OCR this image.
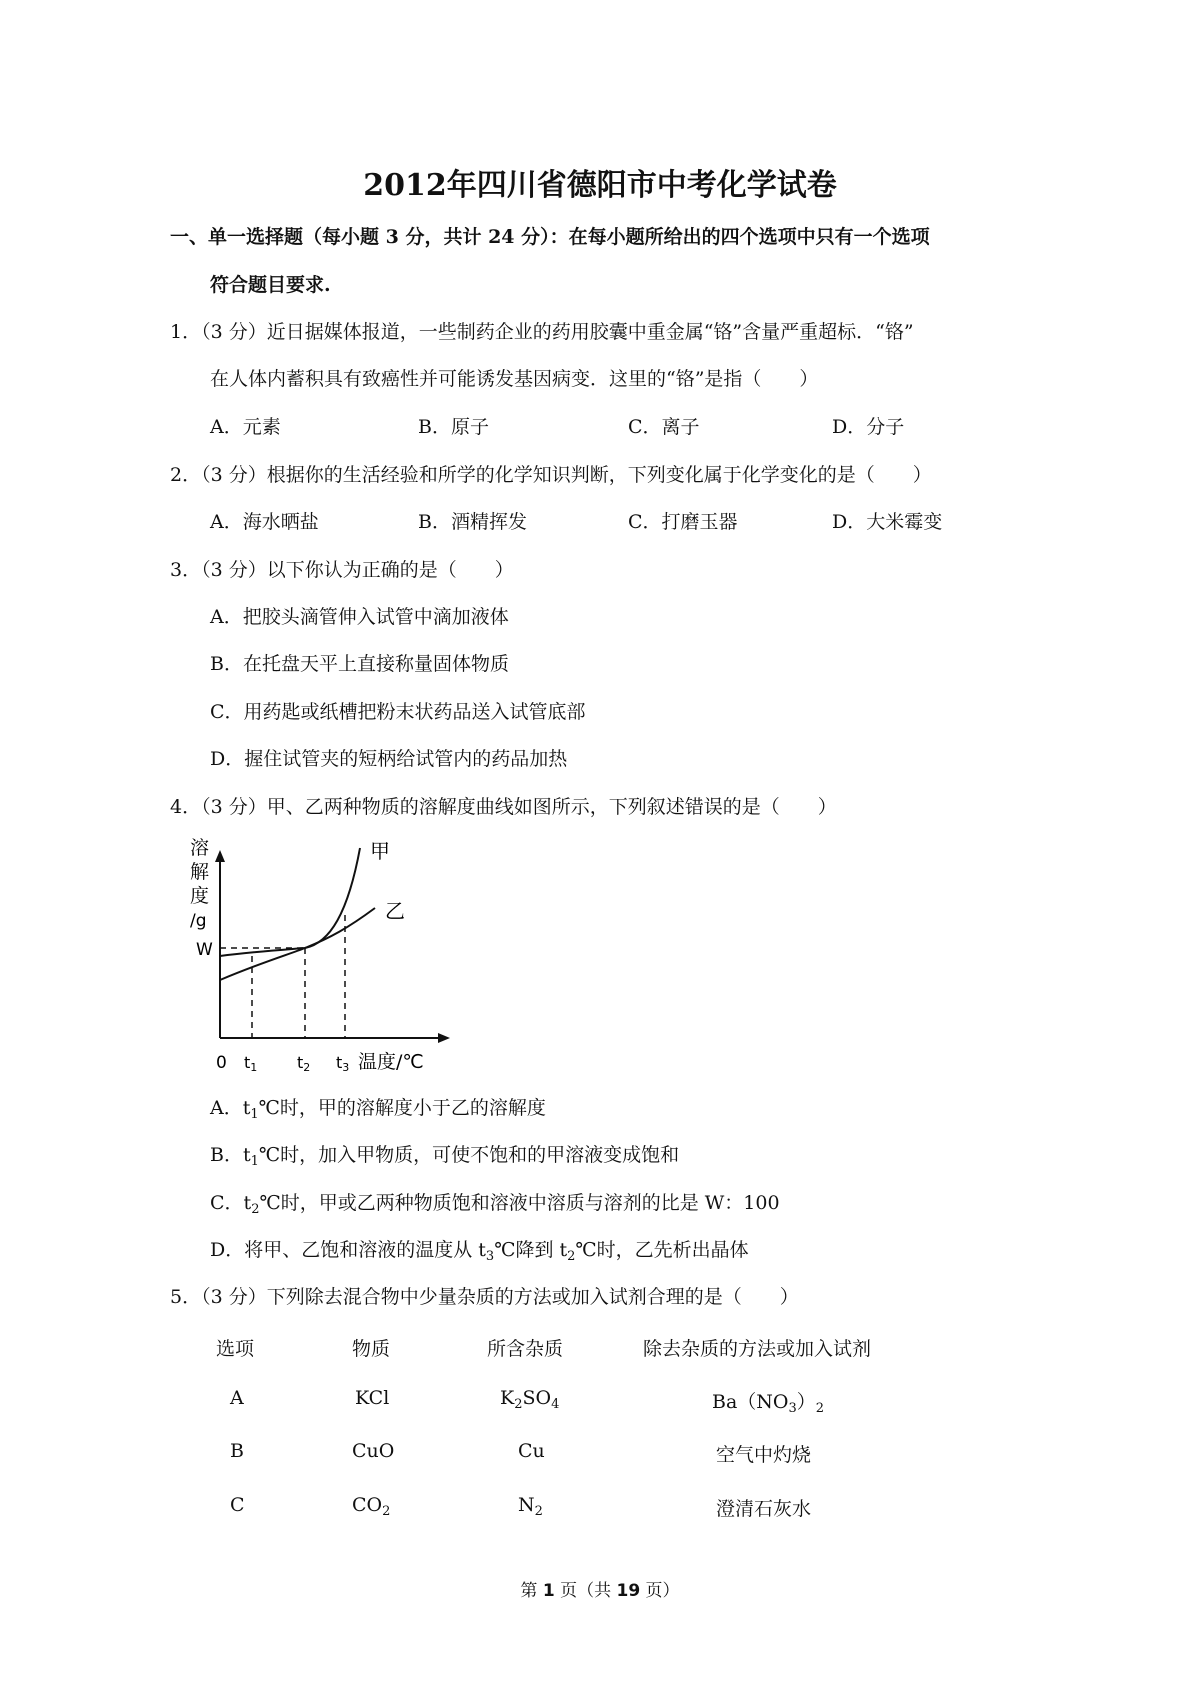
2012年四川省德阳市中考化学试卷
一、单一选择题（每小题 3 分，共计 24 分）：在每小题所给出的四个选项中只有一个选项
符合题目要求.
1．（3 分）近日据媒体报道，一些制药企业的药用胶囊中重金属“铬”含量严重超标．“铬”
在人体内蓄积具有致癌性并可能诱发基因病变．这里的“铬”是指（　　）
A．元素	B．原子	C．离子	D．分子
2．（3 分）根据你的生活经验和所学的化学知识判断，下列变化属于化学变化的是（　　）
A．海水晒盐	B．酒精挥发	C．打磨玉器	D．大米霉变
3．（3 分）以下你认为正确的是（　　）
A．把胶头滴管伸入试管中滴加液体
B．在托盘天平上直接称量固体物质
C．用药匙或纸槽把粉末状药品送入试管底部
D．握住试管夹的短柄给试管内的药品加热
4．（3 分）甲、乙两种物质的溶解度曲线如图所示，下列叙述错误的是（　　）
溶
解
度
/g
W
0 t1 t2 t3 温度/℃
甲
乙
A．$t_1℃$时，甲的溶解度小于乙的溶解度
B．$t_1℃$时，加入甲物质，可使不饱和的甲溶液变成饱和
C．$t_2℃$时，甲或乙两种物质饱和溶液中溶质与溶剂的比是 W：100
D．将甲、乙饱和溶液的温度从 $t_3℃$降到 $t_2℃$时，乙先析出晶体
5．（3 分）下列除去混合物中少量杂质的方法或加入试剂合理的是（　　）
选项	物质	所含杂质	除去杂质的方法或加入试剂
A	KCl	$K_2SO_4$	$Ba(NO_3)_2$
B	CuO	Cu	空气中灼烧
C	$CO_2$	$N_2$	澄清石灰水
第 1 页（共 19 页）
